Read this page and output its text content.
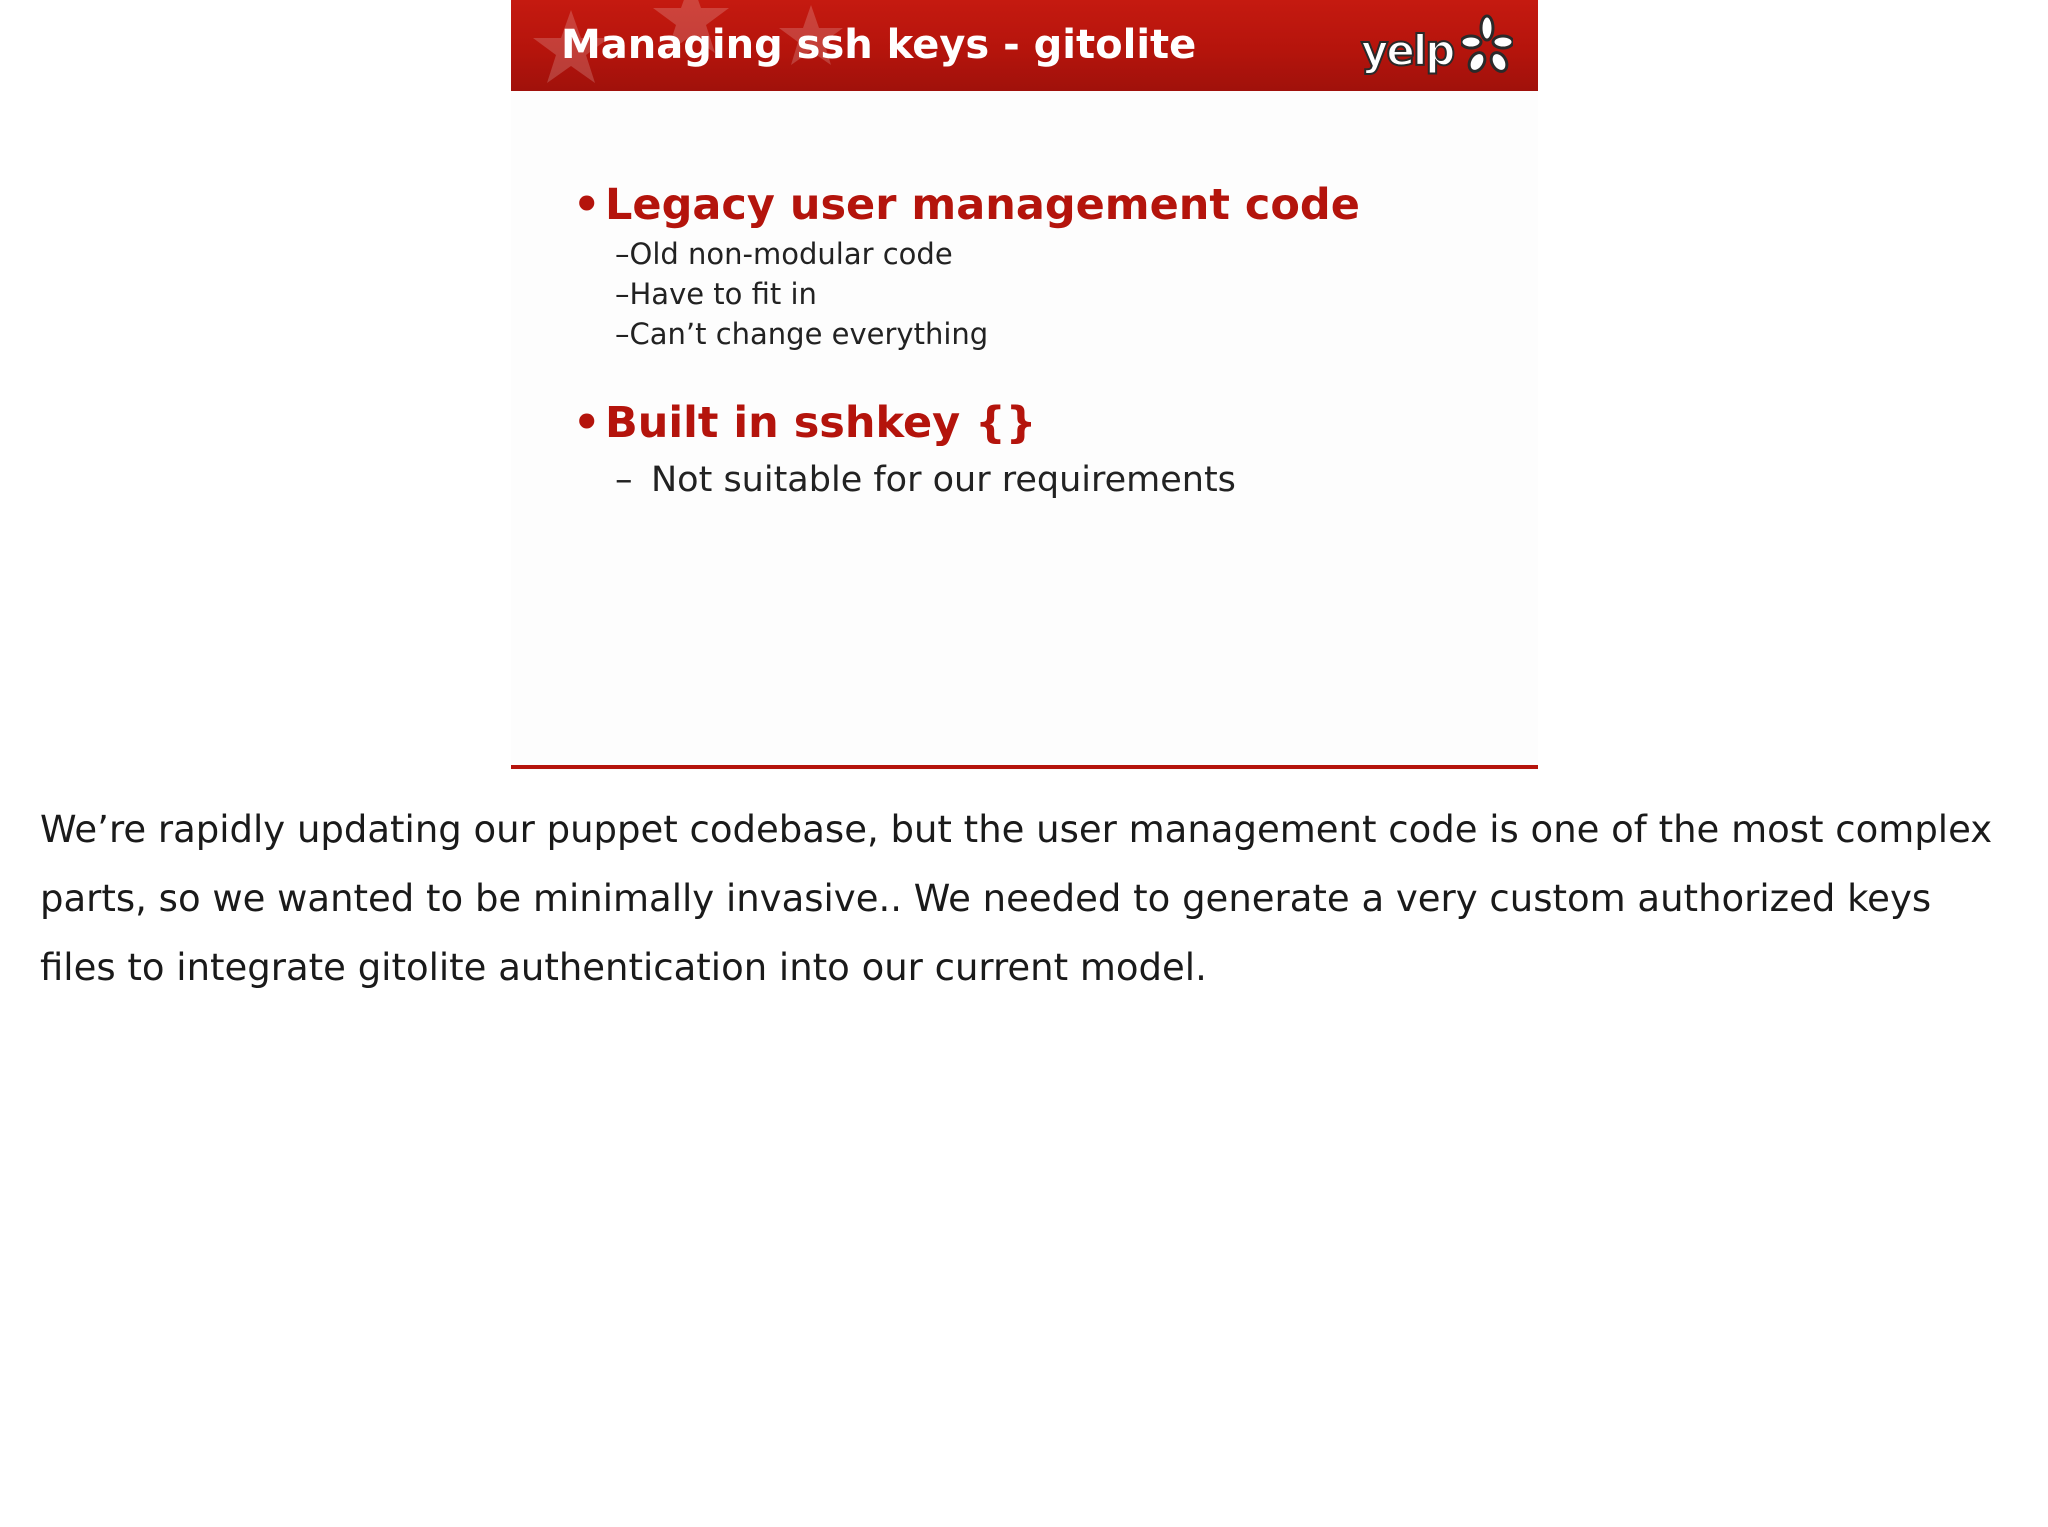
Managing ssh keys - gitolite	yelp
• Legacy user management code
–Old non-modular code
–Have to fit in
–Can’t change everything
• Built in sshkey {}
– Not suitable for our requirements
We’re rapidly updating our puppet codebase, but the user management code is one of the most complex parts, so we wanted to be minimally invasive.. We needed to generate a very custom authorized keys files to integrate gitolite authentication into our current model.
